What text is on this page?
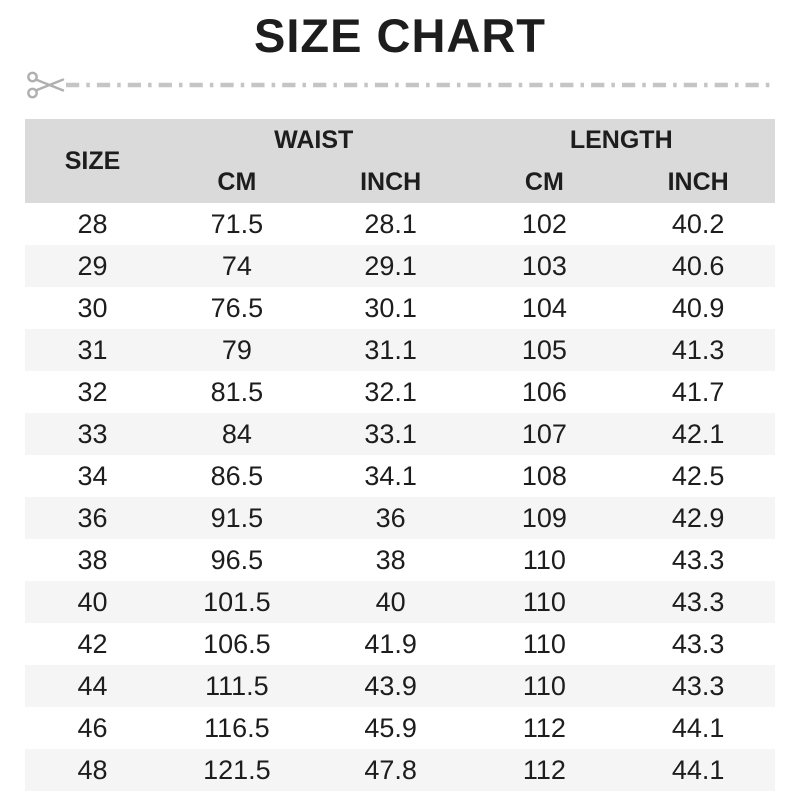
SIZE CHART
SIZE	WAIST		LENGTH	
	CM	INCH	CM	INCH
28	71.5	28.1	102	40.2
29	74	29.1	103	40.6
30	76.5	30.1	104	40.9
31	79	31.1	105	41.3
32	81.5	32.1	106	41.7
33	84	33.1	107	42.1
34	86.5	34.1	108	42.5
36	91.5	36	109	42.9
38	96.5	38	110	43.3
40	101.5	40	110	43.3
42	106.5	41.9	110	43.3
44	111.5	43.9	110	43.3
46	116.5	45.9	112	44.1
48	121.5	47.8	112	44.1
